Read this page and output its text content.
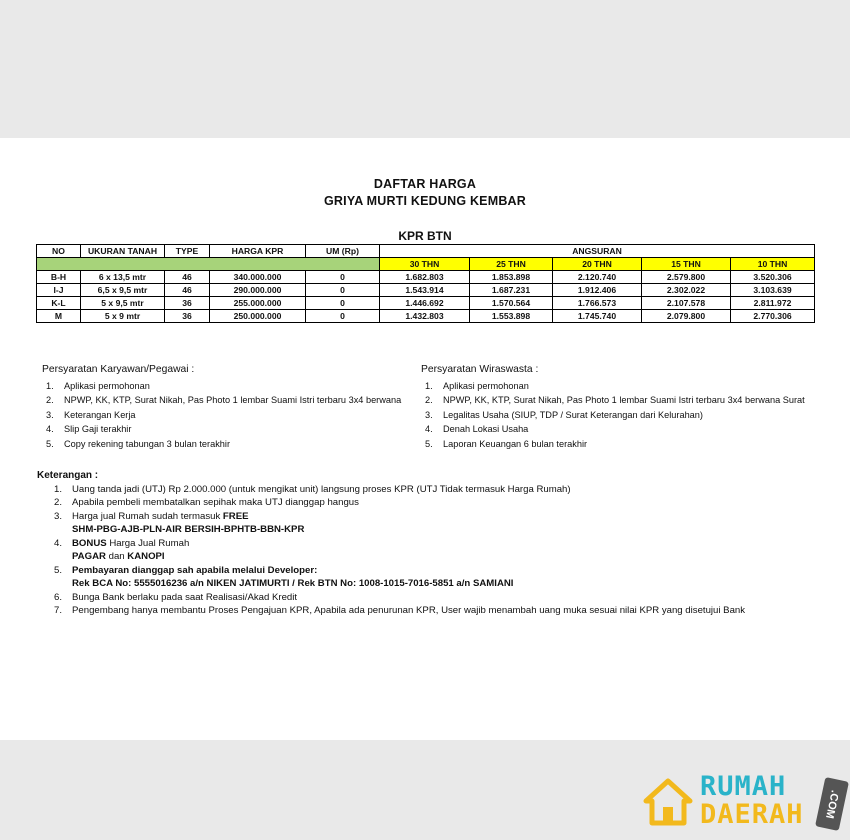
DAFTAR HARGA
GRIYA MURTI KEDUNG KEMBAR
KPR BTN
NO	UKURAN TANAH	TYPE	HARGA KPR	UM (Rp)	ANGSURAN				
					30 THN	25 THN	20 THN	15 THN	10 THN
B-H	6 x 13,5 mtr	46	340.000.000	0	1.682.803	1.853.898	2.120.740	2.579.800	3.520.306
I-J	6,5 x 9,5 mtr	46	290.000.000	0	1.543.914	1.687.231	1.912.406	2.302.022	3.103.639
K-L	5 x 9,5 mtr	36	255.000.000	0	1.446.692	1.570.564	1.766.573	2.107.578	2.811.972
M	5 x 9 mtr	36	250.000.000	0	1.432.803	1.553.898	1.745.740	2.079.800	2.770.306
Persyaratan Karyawan/Pegawai :
1. Aplikasi permohonan
2. NPWP, KK, KTP, Surat Nikah, Pas Photo 1 lembar Suami Istri terbaru 3x4 berwana
3. Keterangan Kerja
4. Slip Gaji terakhir
5. Copy rekening tabungan 3 bulan terakhir
Persyaratan Wiraswasta :
1. Aplikasi permohonan
2. NPWP, KK, KTP, Surat Nikah, Pas Photo 1 lembar Suami Istri terbaru 3x4 berwana Surat
3. Legalitas Usaha (SIUP, TDP / Surat Keterangan dari Kelurahan)
4. Denah Lokasi Usaha
5. Laporan Keuangan 6 bulan terakhir
Keterangan :
1. Uang tanda jadi (UTJ) Rp 2.000.000 (untuk mengikat unit) langsung proses KPR (UTJ Tidak termasuk Harga Rumah)
2. Apabila pembeli membatalkan sepihak maka UTJ dianggap hangus
3. Harga jual Rumah sudah termasuk FREE
SHM-PBG-AJB-PLN-AIR BERSIH-BPHTB-BBN-KPR
4. BONUS Harga Jual Rumah
PAGAR dan KANOPI
5. Pembayaran dianggap sah apabila melalui Developer:
Rek BCA No: 5555016236 a/n NIKEN JATIMURTI / Rek BTN No: 1008-1015-7016-5851 a/n SAMIANI
6. Bunga Bank berlaku pada saat Realisasi/Akad Kredit
7. Pengembang hanya membantu Proses Pengajuan KPR, Apabila ada penurunan KPR, User wajib menambah uang muka sesuai nilai KPR yang disetujui Bank
RUMAH
DAERAH	.COM
